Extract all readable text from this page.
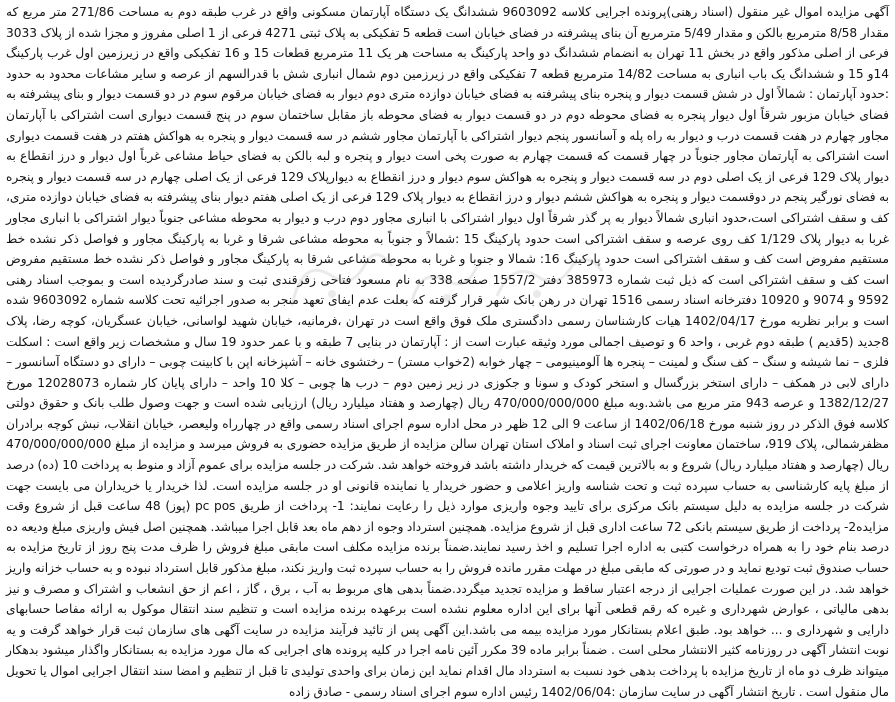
آگهی مزایده اموال غیر منقول (اسناد رهنی)پرونده اجرایی کلاسه 9603092 ششدانگ یک دستگاه آپارتمان مسکونی واقع در غرب طبقه دوم به مساحت 271/86 متر مربع که مقدار 8/58 مترمربع بالکن و مقدار 5/49 مترمربع آن بنای پیشرفته در فضای خیابان است قطعه 5 تفکیکی به پلاک ثبتی 4271 فرعی از 1 اصلی مفروز و مجزا شده از پلاک 3033 فرعی از اصلی مذکور واقع در بخش 11 تهران به انضمام ششدانگ دو واحد پارکینگ به مساحت هر یک 11 مترمربع قطعات 15 و 16 تفکیکی واقع در زیرزمین اول غرب پارکینگ 14و 15 و ششدانگ یک باب انباری به مساحت 14/82 مترمربع قطعه 7 تفکیکی واقع در زیرزمین دوم شمال انباری شش با قدرالسهم از عرصه و سایر مشاعات محدود به حدود :حدود آپارتمان : شمالاً اول در شش قسمت دیوار و پنجره بنای پیشرفته به فضای خیابان دوازده متری دوم دیوار به فضای خیابان مرقوم سوم در دو قسمت دیوار و بنای پیشرفته به فضای خیابان مزبور شرقاً اول دیوار پنجره به فضای محوطه دوم در دو قسمت دیوار به فضای محوطه باز مقابل ساختمان سوم در پنج قسمت دیواری است اشتراکی با آپارتمان مجاور چهارم در هفت قسمت درب و دیوار به راه پله و آسانسور پنجم دیوار اشتراکی با آپارتمان مجاور ششم در سه قسمت دیوار و پنجره به هواکش هفتم در هفت قسمت دیواری است اشتراکی به آپارتمان مجاور جنوباً در چهار قسمت که قسمت چهارم به صورت پخی است دیوار و پنجره و لبه بالکن به فضای حیاط مشاعی غرباً اول دیوار و درز انقطاع به دیوار پلاک 129 فرعی از یک اصلی دوم در سه قسمت دیوار و پنجره به هواکش سوم دیوار و درز انقطاع به دیوارپلاک 129 فرعی از یک اصلی چهارم در سه قسمت دیوار و پنجره به فضای نورگیر پنجم در دوقسمت دیوار و پنجره به هواکش ششم دیوار و درز انقطاع به دیوار پلاک 129 فرعی از یک اصلی هفتم دیوار بنای پیشرفته به فضای خیابان دوازده متری، کف و سقف اشتراکی است،حدود انباری شمالاً دیوار به پر گذر شرقاً اول دیوار اشتراکی با انباری مجاور دوم درب و دیوار به محوطه مشاعی جنوباً دیوار اشتراکی با انباری مجاور غربا به دیوار پلاک 1/129 کف روی عرصه و سقف اشتراکی است حدود پارکینگ 15 :شمالاً و جنوباً به محوطه مشاعی شرقا و غربا به پارکینگ مجاور و فواصل ذکر نشده خط مستقیم مفروض است کف و سقف اشتراکی است حدود پارکینگ 16: شمالا و جنوبا و غربا به محوطه مشاعی شرقا به پارکینگ مجاور و فواصل ذکر نشده خط مستقیم مفروض است کف و سقف اشتراکی است که ذیل ثبت شماره 385973 دفتر 1557/2 صفحه 338 به نام مسعود فتاحی زفرقندی ثبت و سند صادرگردیده است و بموجب اسناد رهنی 9592 و 9074 و 10920 دفترخانه اسناد رسمی 1516 تهران در رهن بانک شهر قرار گرفته که بعلت عدم ایفای تعهد منجر به صدور اجرائیه تحت کلاسه شماره 9603092 شده است و برابر نظریه مورخ 1402/04/17 هیات کارشناسان رسمی دادگستری ملک فوق واقع است در تهران ،فرمانیه، خیابان شهید لواسانی، خیابان عسگریان، کوچه رضا، پلاک 8جدید (5قدیم ) طبقه دوم غربی ، واحد 6 و توصیف اجمالی مورد وثیقه عبارت است از : آپارتمان در بنایی 7 طبقه و با عمر حدود 19 سال و مشخصات زیر واقع است : اسکلت فلزی – نما شیشه و سنگ – کف سنگ و لمینت – پنجره ها آلومینیومی – چهار خوابه (2خواب مستر) – رختشوی خانه – آشپزخانه اپن با کابینت چوبی – دارای دو دستگاه آسانسور – دارای لابی در همکف – دارای استخر بزرگسال و استخر کودک و سونا و جکوزی در زیر زمین دوم – درب ها چوبی – کلا 10 واحد – دارای پایان کار شماره 12028073 مورخ 1382/12/27 و عرصه 943 متر مربع می باشد.وبه مبلغ 470/000/000/000 ریال (چهارصد و هفتاد میلیارد ریال) ارزیابی شده است و جهت وصول طلب بانک و حقوق دولتی کلاسه فوق الذکر در روز شنبه مورخ 1402/06/18 از ساعت 9 الی 12 ظهر در محل اداره سوم اجرای اسناد رسمی واقع در چهارراه ولیعصر، خیابان انقلاب، نبش کوچه برادران مظفرشمالی، پلاک 919، ساختمان معاونت اجرای ثبت اسناد و املاک استان تهران سالن مزایده از طریق مزایده حضوری به فروش میرسد و مزایده از مبلغ 470/000/000/000 ریال (چهارصد و هفتاد میلیارد ریال) شروع و به بالاترین قیمت که خریدار داشته باشد فروخته خواهد شد. شرکت در جلسه مزایده برای عموم آزاد و منوط به پرداخت 10 (ده) درصد از مبلغ پایه کارشناسی به حساب سپرده ثبت و تحت شناسه واریز اعلامی و حضور خریدار یا نماینده قانونی او در جلسه مزایده است. لذا خریدار یا خریداران می بایست جهت شرکت در جلسه مزایده به دلیل سیستم بانک مرکزی برای تایید وجوه واریزی موارد ذیل را رعایت نمایند: 1- پرداخت از طریق pc pos (پوز) 48 ساعت قبل از شروع وقت مزایده2- پرداخت از طریق سیستم بانکی 72 ساعت اداری قبل از شروع مزایده. همچنین استرداد وجوه از دهم ماه بعد قابل اجرا میباشد. همچنین اصل فیش واریزی مبلغ ودیعه ده درصد بنام خود را به همراه درخواست کتبی به اداره اجرا تسلیم و اخذ رسید نمایند.ضمناً برنده مزایده مکلف است مابقی مبلغ فروش را ظرف مدت پنج روز از تاریخ مزایده به حساب صندوق ثبت تودیع نماید و در صورتی که مابقی مبلغ در مهلت مقرر مانده فروش را به حساب سپرده ثبت واریز نکند، مبلغ مذکور قابل استرداد نبوده و به حساب خزانه واریز خواهد شد. در این صورت عملیات اجرایی از درجه اعتبار ساقط و مزایده تجدید میگردد.ضمناً بدهی های مربوط به آب ، برق ، گاز ، اعم از حق انشعاب و اشتراک و مصرف و نیز بدهی مالیاتی ، عوارض شهرداری و غیره که رقم قطعی آنها برای این اداره معلوم نشده است برعهده برنده مزایده است و تنظیم سند انتقال موکول به ارائه مفاصا حسابهای دارایی و شهرداری و ... خواهد بود. طبق اعلام بستانکار مورد مزایده بیمه می باشد.این آگهی پس از تائید فرآیند مزایده در سایت آگهی های سازمان ثبت قرار خواهد گرفت و یه نوبت انتشار آگهی در روزنامه کثیر الانتشار محلی است . ضمناً برابر ماده 39 مکرر آئین نامه اجرا در کلیه پرونده های اجرایی که مال مورد مزایده به بستانکار واگذار میشود بدهکار میتواند ظرف دو ماه از تاریخ مزایده با پرداخت بدهی خود نسبت به استرداد مال اقدام نماید این زمان برای واحدی تولیدی تا قبل از تنظیم و امضا سند انتقال اجرایی اموال یا تحویل مال منقول است . تاریخ انتشار آگهی در سایت سازمان :1402/06/04 رئیس اداره سوم اجرای اسناد رسمی - صادق زاده
